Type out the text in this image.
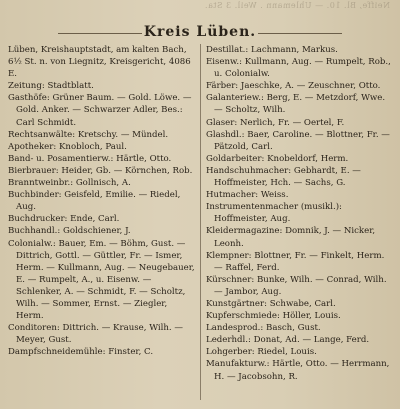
Neiffe, Bl. 10. — Uhlemann . Weil. 3 Sta.
Kreis Lüben.

Lüben, Kreishauptstadt, am kalten Bach, 6½ St. n. von Liegnitz, Kreisgericht, 4086 E.

Zeitung: Stadtblatt.

Gasthöfe: Grüner Baum. — Gold. Löwe. — Gold. Anker. — Schwarzer Adler, Bes.: Carl Schmidt.

Rechtsanwälte: Kretschy. — Mündel.

Apotheker: Knobloch, Paul.

Band- u. Posamentierw.: Härtle, Otto.

Bierbrauer: Heider, Gb. — Körnchen, Rob.

Branntweinbr.: Gollnisch, A.

Buchbinder: Geisfeld, Emilie. — Riedel, Aug.

Buchdrucker: Ende, Carl.

Buchhandl.: Goldschiener, J.

Colonialw.: Bauer, Em. — Böhm, Gust. — Dittrich, Gottl. — Güttler, Fr. — Ismer, Herm. — Kullmann, Aug. — Neugebauer, E. — Rumpelt, A., u. Eisenw. — Schlenker, A. — Schmidt, F. — Scholtz, Wilh. — Sommer, Ernst. — Ziegler, Herm.

Conditoren: Dittrich. — Krause, Wilh. — Meyer, Gust.

Dampfschneidemühle: Finster, C.

Destillat.: Lachmann, Markus.

Eisenw.: Kullmann, Aug. — Rumpelt, Rob., u. Colonialw.

Färber: Jaeschke, A. — Zeuschner, Otto.

Galanteriew.: Berg, E. — Metzdorf, Wwe. — Scholtz, Wilh.

Glaser: Nerlich, Fr. — Oertel, F.

Glashdl.: Baer, Caroline. — Blottner, Fr. — Pätzold, Carl.

Goldarbeiter: Knobeldorf, Herm.

Handschuhmacher: Gebhardt, E. — Hoffmeister, Hch. — Sachs, G.

Hutmacher: Weiss.

Instrumentenmacher (musikl.): Hoffmeister, Aug.

Kleidermagazine: Domnik, J. — Nicker, Leonh.

Klempner: Blottner, Fr. — Finkelt, Herm. — Raffel, Ferd.

Kürschner: Bunke, Wilh. — Conrad, Wilh. — Jambor, Aug.

Kunstgärtner: Schwabe, Carl.

Kupferschmiede: Höller, Louis.

Landesprod.: Basch, Gust.

Lederhdl.: Donat, Ad. — Lange, Ferd.

Lohgerber: Riedel, Louis.

Manufakturw.: Härtle, Otto. — Herrmann, H. — Jacobsohn, R.
